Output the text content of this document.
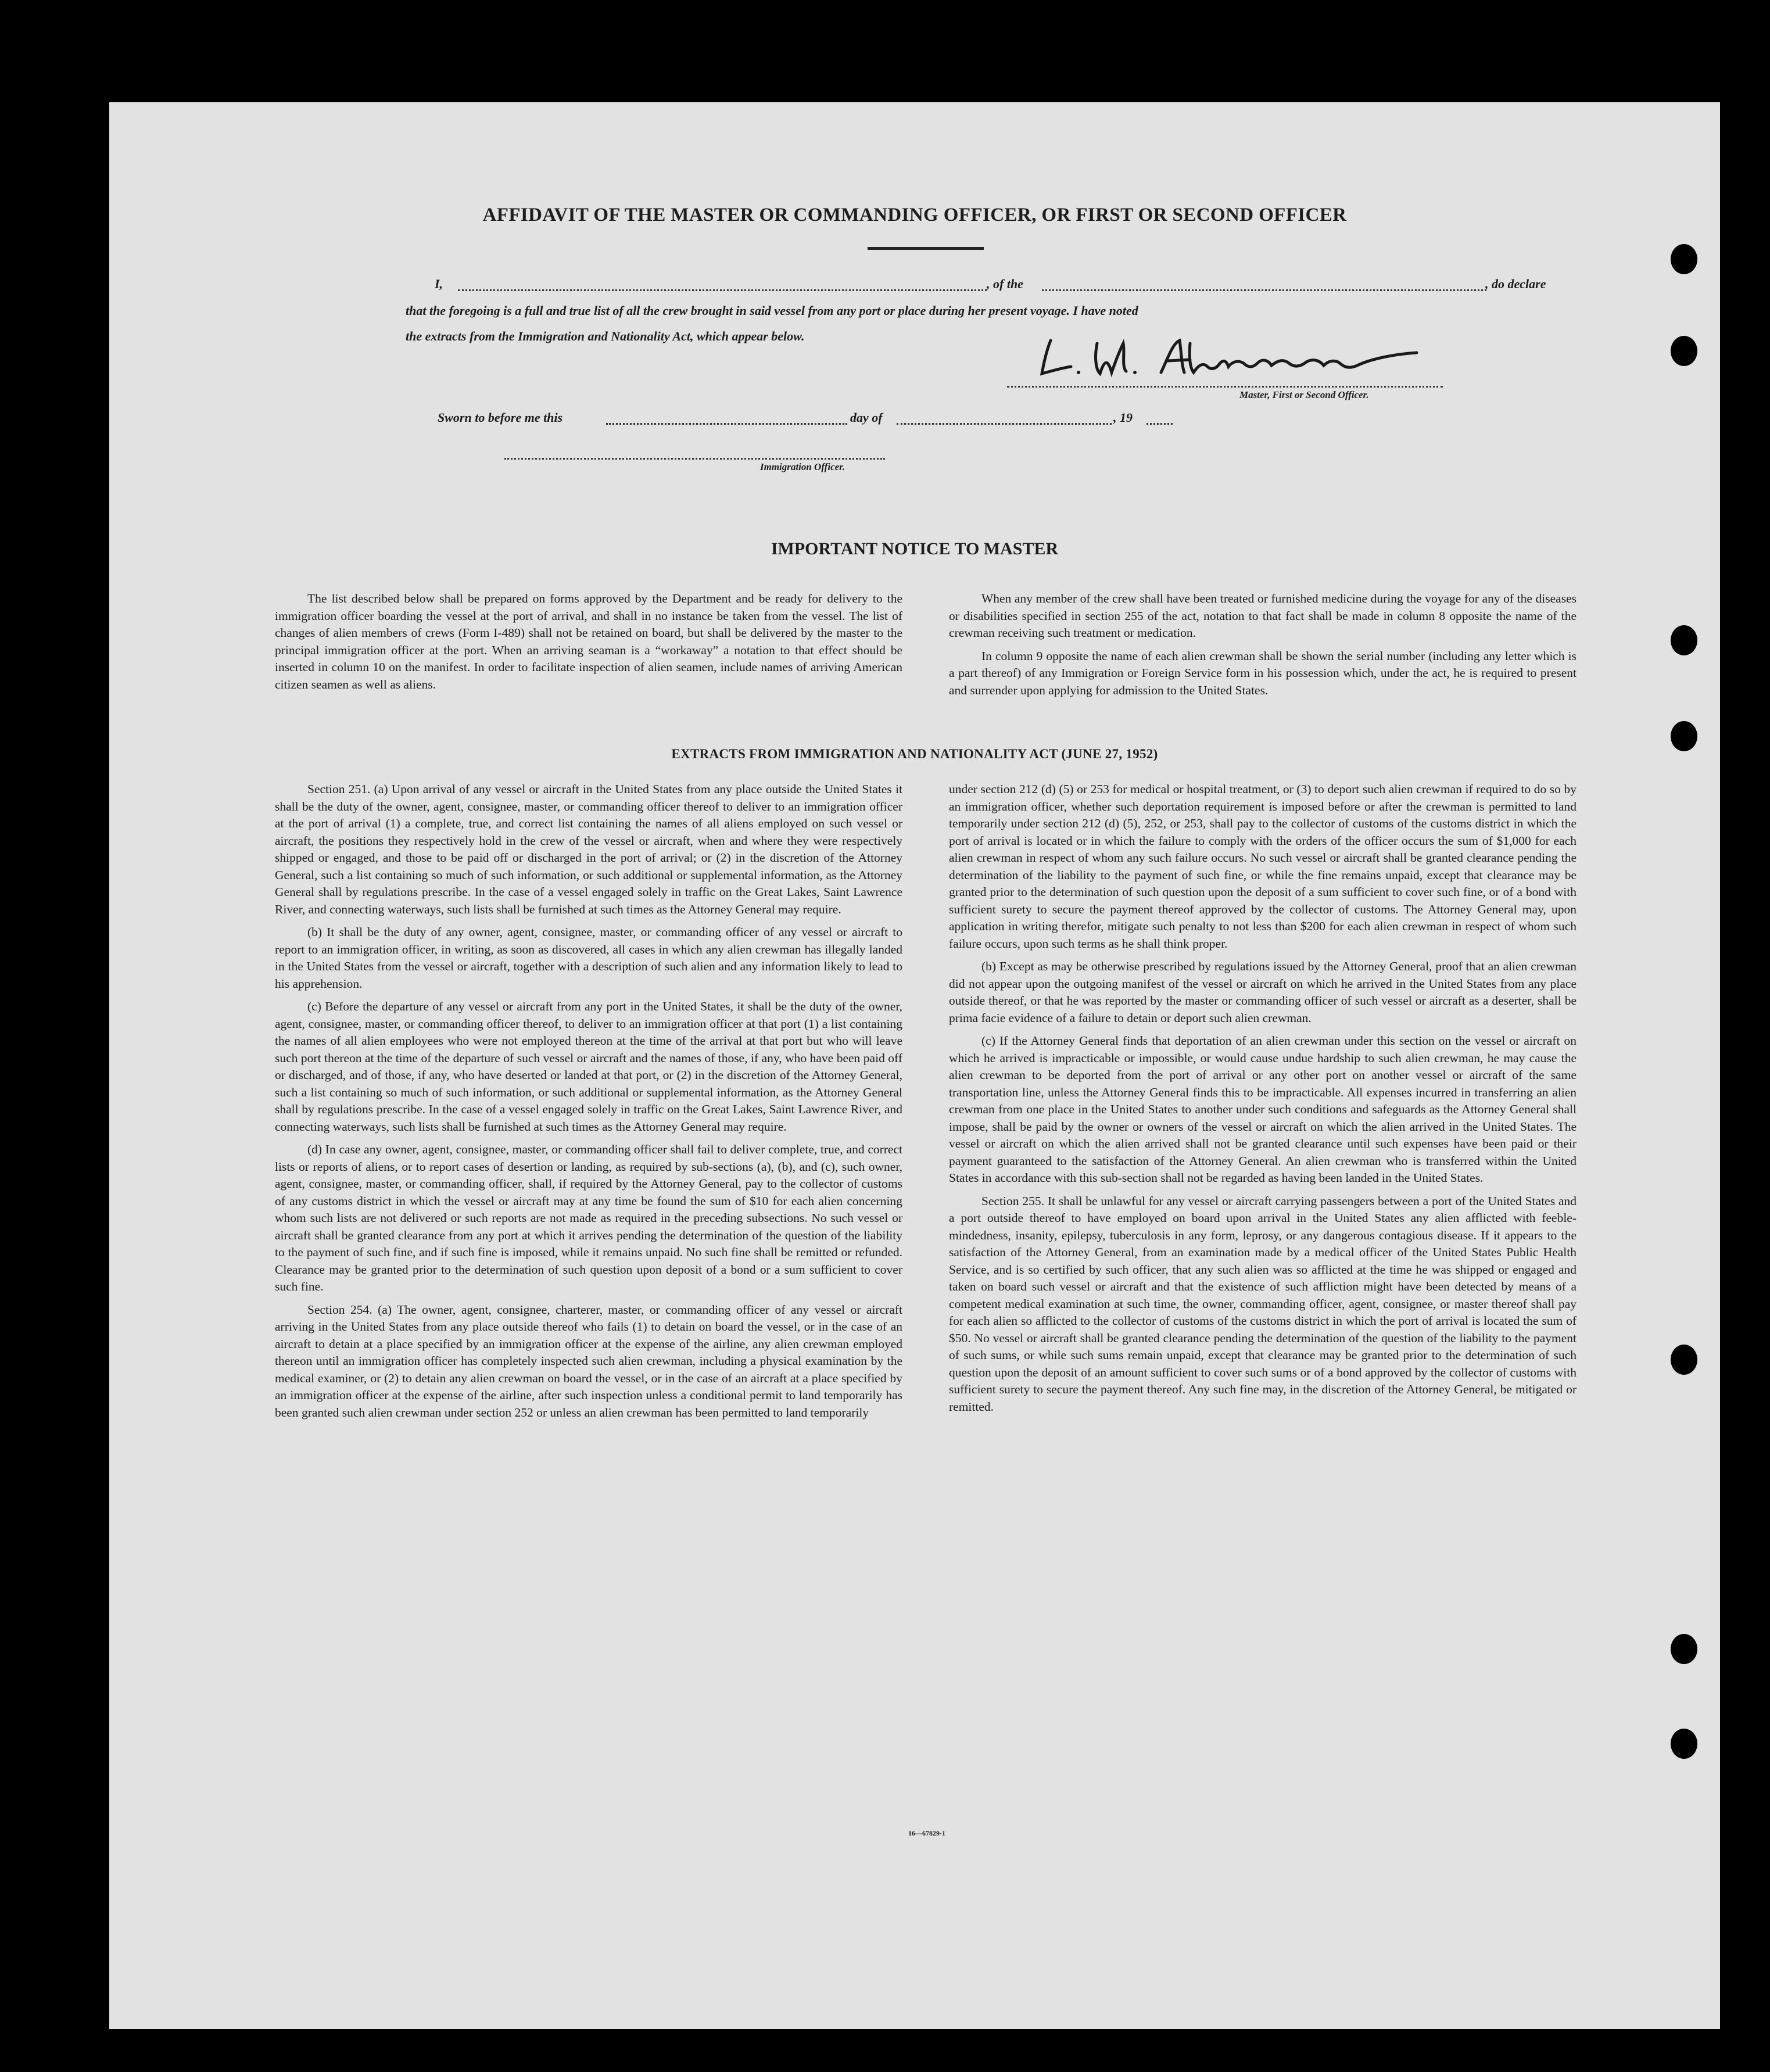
AFFIDAVIT OF THE MASTER OR COMMANDING OFFICER, OR FIRST OR SECOND OFFICER
I,	, of the	, do declare
that the foregoing is a full and true list of all the crew brought in said vessel from any port or place during her present voyage. I have noted
the extracts from the Immigration and Nationality Act, which appear below.
Master, First or Second Officer.
Sworn to before me this	day of	, 19
Immigration Officer.
IMPORTANT NOTICE TO MASTER

The list described below shall be prepared on forms approved by the Department and be ready for delivery to the immigration officer boarding the vessel at the port of arrival, and shall in no instance be taken from the vessel. The list of changes of alien members of crews (Form I-489) shall not be retained on board, but shall be delivered by the master to the principal immigration officer at the port. When an arriving seaman is a “workaway” a notation to that effect should be inserted in column 10 on the manifest. In order to facilitate inspection of alien seamen, include names of arriving American citizen seamen as well as aliens.

When any member of the crew shall have been treated or furnished medicine during the voyage for any of the diseases or disabilities specified in section 255 of the act, notation to that fact shall be made in column 8 opposite the name of the crewman receiving such treatment or medication.

In column 9 opposite the name of each alien crewman shall be shown the serial number (including any letter which is a part thereof) of any Immigration or Foreign Service form in his possession which, under the act, he is required to present and surrender upon applying for admission to the United States.

EXTRACTS FROM IMMIGRATION AND NATIONALITY ACT (JUNE 27, 1952)

Section 251. (a) Upon arrival of any vessel or aircraft in the United States from any place outside the United States it shall be the duty of the owner, agent, consignee, master, or commanding officer thereof to deliver to an immigration officer at the port of arrival (1) a complete, true, and correct list containing the names of all aliens employed on such vessel or aircraft, the positions they respectively hold in the crew of the vessel or aircraft, when and where they were respectively shipped or engaged, and those to be paid off or discharged in the port of arrival; or (2) in the discretion of the Attorney General, such a list containing so much of such information, or such additional or supplemental information, as the Attorney General shall by regulations prescribe. In the case of a vessel engaged solely in traffic on the Great Lakes, Saint Lawrence River, and connecting waterways, such lists shall be furnished at such times as the Attorney General may require.

(b) It shall be the duty of any owner, agent, consignee, master, or commanding officer of any vessel or aircraft to report to an immigration officer, in writing, as soon as discovered, all cases in which any alien crewman has illegally landed in the United States from the vessel or aircraft, together with a description of such alien and any information likely to lead to his apprehension.

(c) Before the departure of any vessel or aircraft from any port in the United States, it shall be the duty of the owner, agent, consignee, master, or commanding officer thereof, to deliver to an immigration officer at that port (1) a list containing the names of all alien employees who were not employed thereon at the time of the arrival at that port but who will leave such port thereon at the time of the departure of such vessel or aircraft and the names of those, if any, who have been paid off or discharged, and of those, if any, who have deserted or landed at that port, or (2) in the discretion of the Attorney General, such a list containing so much of such information, or such additional or supplemental information, as the Attorney General shall by regulations prescribe. In the case of a vessel engaged solely in traffic on the Great Lakes, Saint Lawrence River, and connecting waterways, such lists shall be furnished at such times as the Attorney General may require.

(d) In case any owner, agent, consignee, master, or commanding officer shall fail to deliver complete, true, and correct lists or reports of aliens, or to report cases of desertion or landing, as required by sub-sections (a), (b), and (c), such owner, agent, consignee, master, or commanding officer, shall, if required by the Attorney General, pay to the collector of customs of any customs district in which the vessel or aircraft may at any time be found the sum of $10 for each alien concerning whom such lists are not delivered or such reports are not made as required in the preceding subsections. No such vessel or aircraft shall be granted clearance from any port at which it arrives pending the determination of the question of the liability to the payment of such fine, and if such fine is imposed, while it remains unpaid. No such fine shall be remitted or refunded. Clearance may be granted prior to the determination of such question upon deposit of a bond or a sum sufficient to cover such fine.

Section 254. (a) The owner, agent, consignee, charterer, master, or commanding officer of any vessel or aircraft arriving in the United States from any place outside thereof who fails (1) to detain on board the vessel, or in the case of an aircraft to detain at a place specified by an immigration officer at the expense of the airline, any alien crewman employed thereon until an immigration officer has completely inspected such alien crewman, including a physical examination by the medical examiner, or (2) to detain any alien crewman on board the vessel, or in the case of an aircraft at a place specified by an immigration officer at the expense of the airline, after such inspection unless a conditional permit to land temporarily has been granted such alien crewman under section 252 or unless an alien crewman has been permitted to land temporarily

under section 212 (d) (5) or 253 for medical or hospital treatment, or (3) to deport such alien crewman if required to do so by an immigration officer, whether such deportation requirement is imposed before or after the crewman is permitted to land temporarily under section 212 (d) (5), 252, or 253, shall pay to the collector of customs of the customs district in which the port of arrival is located or in which the failure to comply with the orders of the officer occurs the sum of $1,000 for each alien crewman in respect of whom any such failure occurs. No such vessel or aircraft shall be granted clearance pending the determination of the liability to the payment of such fine, or while the fine remains unpaid, except that clearance may be granted prior to the determination of such question upon the deposit of a sum sufficient to cover such fine, or of a bond with sufficient surety to secure the payment thereof approved by the collector of customs. The Attorney General may, upon application in writing therefor, mitigate such penalty to not less than $200 for each alien crewman in respect of whom such failure occurs, upon such terms as he shall think proper.

(b) Except as may be otherwise prescribed by regulations issued by the Attorney General, proof that an alien crewman did not appear upon the outgoing manifest of the vessel or aircraft on which he arrived in the United States from any place outside thereof, or that he was reported by the master or commanding officer of such vessel or aircraft as a deserter, shall be prima facie evidence of a failure to detain or deport such alien crewman.

(c) If the Attorney General finds that deportation of an alien crewman under this section on the vessel or aircraft on which he arrived is impracticable or impossible, or would cause undue hardship to such alien crewman, he may cause the alien crewman to be deported from the port of arrival or any other port on another vessel or aircraft of the same transportation line, unless the Attorney General finds this to be impracticable. All expenses incurred in transferring an alien crewman from one place in the United States to another under such conditions and safeguards as the Attorney General shall impose, shall be paid by the owner or owners of the vessel or aircraft on which the alien arrived in the United States. The vessel or aircraft on which the alien arrived shall not be granted clearance until such expenses have been paid or their payment guaranteed to the satisfaction of the Attorney General. An alien crewman who is transferred within the United States in accordance with this sub-section shall not be regarded as having been landed in the United States.

Section 255. It shall be unlawful for any vessel or aircraft carrying passengers between a port of the United States and a port outside thereof to have employed on board upon arrival in the United States any alien afflicted with feeble-mindedness, insanity, epilepsy, tuberculosis in any form, leprosy, or any dangerous contagious disease. If it appears to the satisfaction of the Attorney General, from an examination made by a medical officer of the United States Public Health Service, and is so certified by such officer, that any such alien was so afflicted at the time he was shipped or engaged and taken on board such vessel or aircraft and that the existence of such affliction might have been detected by means of a competent medical examination at such time, the owner, commanding officer, agent, consignee, or master thereof shall pay for each alien so afflicted to the collector of customs of the customs district in which the port of arrival is located the sum of $50. No vessel or aircraft shall be granted clearance pending the determination of the question of the liability to the payment of such sums, or while such sums remain unpaid, except that clearance may be granted prior to the determination of such question upon the deposit of an amount sufficient to cover such sums or of a bond approved by the collector of customs with sufficient surety to secure the payment thereof. Any such fine may, in the discretion of the Attorney General, be mitigated or remitted.

16—67829-1
